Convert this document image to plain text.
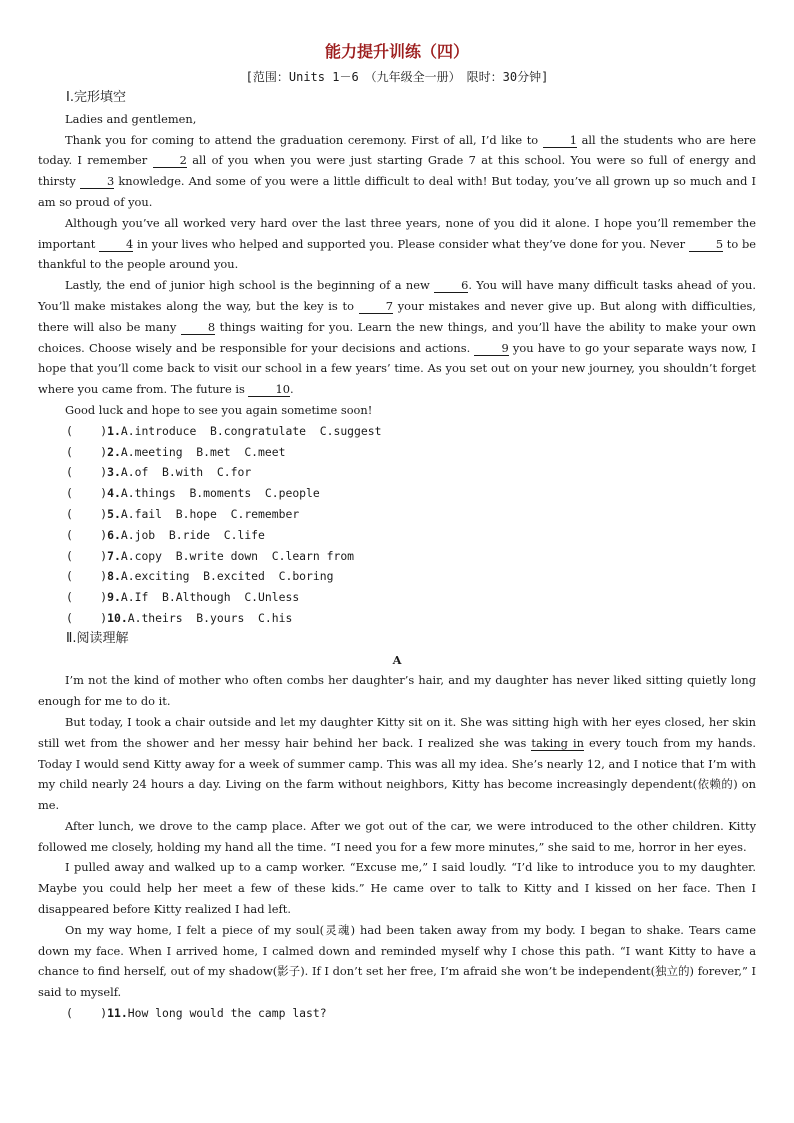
能力提升训练（四）
[范围：Units 1－6　（九年级全一册）　限时：30分钟]
Ⅰ.完形填空

Ladies and gentlemen,

Thank you for coming to attend the graduation ceremony. First of all, I’d like to	1 all the students who are here today. I remember	2 all of you when you were just starting Grade 7 at this school. You were so full of energy and thirsty	3 knowledge. And some of you were a little difficult to deal with! But today, you’ve all grown up so much and I am so proud of you.

Although you’ve all worked very hard over the last three years, none of you did it alone. I hope you’ll remember the important	4 in your lives who helped and supported you. Please consider what they’ve done for you. Never	5 to be thankful to the people around you.

Lastly, the end of junior high school is the beginning of a new	6. You will have many difficult tasks ahead of you. You’ll make mistakes along the way, but the key is to	7 your mistakes and never give up. But along with difficulties, there will also be many	8 things waiting for you. Learn the new things, and you’ll have the ability to make your own choices. Choose wisely and be responsible for your decisions and actions.	9 you have to go your separate ways now, I hope that you’ll come back to visit our school in a few years’ time. As you set out on your new journey, you shouldn’t forget where you came from. The future is	10.

Good luck and hope to see you again sometime soon!

(    )1.A.introduce  B.congratulate  C.suggest
(    )2.A.meeting  B.met  C.meet
(    )3.A.of  B.with  C.for
(    )4.A.things  B.moments  C.people
(    )5.A.fail  B.hope  C.remember
(    )6.A.job  B.ride  C.life
(    )7.A.copy  B.write down  C.learn from
(    )8.A.exciting  B.excited  C.boring
(    )9.A.If  B.Although  C.Unless
(    )10.A.theirs  B.yours  C.his
Ⅱ.阅读理解
A

I’m not the kind of mother who often combs her daughter’s hair, and my daughter has never liked sitting quietly long enough for me to do it.

But today, I took a chair outside and let my daughter Kitty sit on it. She was sitting high with her eyes closed, her skin still wet from the shower and her messy hair behind her back. I realized she was taking in every touch from my hands. Today I would send Kitty away for a week of summer camp. This was all my idea. She’s nearly 12, and I notice that I’m with my child nearly 24 hours a day. Living on the farm without neighbors, Kitty has become increasingly dependent(依赖的) on me.

After lunch, we drove to the camp place. After we got out of the car, we were introduced to the other children. Kitty followed me closely, holding my hand all the time. “I need you for a few more minutes,” she said to me, horror in her eyes.

I pulled away and walked up to a camp worker. “Excuse me,” I said loudly. “I’d like to introduce you to my daughter. Maybe you could help her meet a few of these kids.” He came over to talk to Kitty and I kissed on her face. Then I disappeared before Kitty realized I had left.

On my way home, I felt a piece of my soul(灵魂) had been taken away from my body. I began to shake. Tears came down my face. When I arrived home, I calmed down and reminded myself why I chose this path. “I want Kitty to have a chance to find herself, out of my shadow(影子). If I don’t set her free, I’m afraid she won’t be independent(独立的) forever,” I said to myself.

(    )11.How long would the camp last?
